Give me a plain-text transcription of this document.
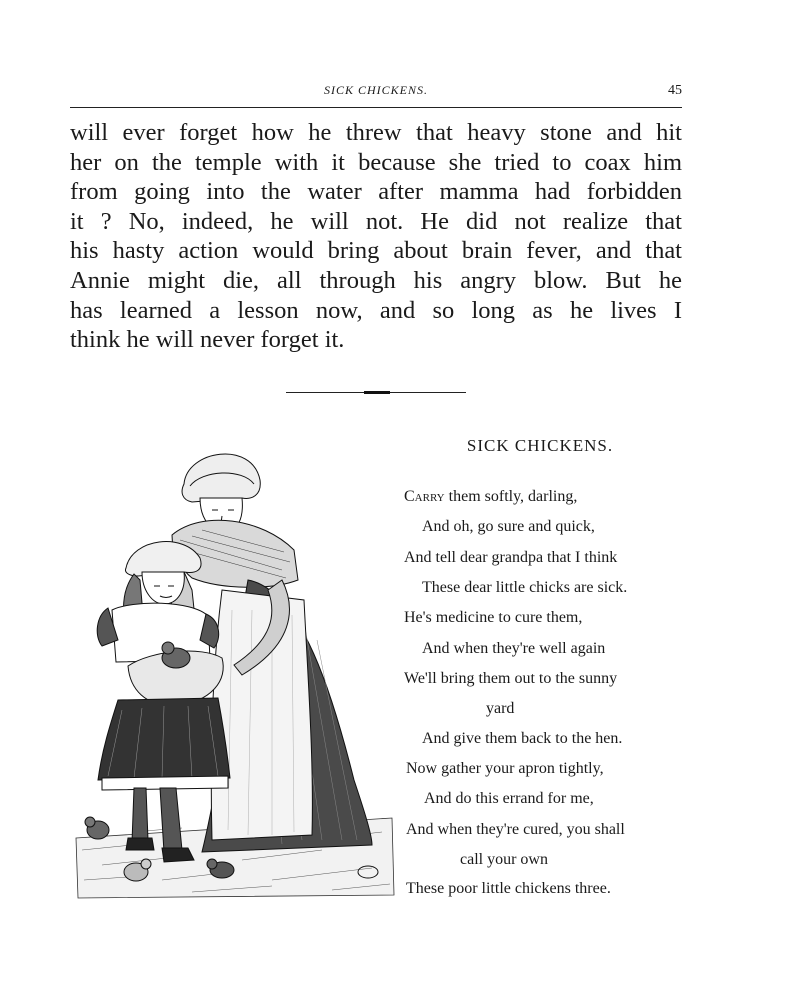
SICK CHICKENS.	45
will ever forget how he threw that heavy stone and hit
her on the temple with it because she tried to coax him
from going into the water after mamma had forbidden
it ? No, indeed, he will not. He did not realize that
his hasty action would bring about brain fever, and that
Annie might die, all through his angry blow. But he
has learned a lesson now, and so long as he lives I
think he will never forget it.
SICK CHICKENS.
Carry them softly, darling,
And oh, go sure and quick,
And tell dear grandpa that I think
These dear little chicks are sick.
He's medicine to cure them,
And when they're well again
We'll bring them out to the sunny
yard
And give them back to the hen.
Now gather your apron tightly,
And do this errand for me,
And when they're cured, you shall
call your own
These poor little chickens three.
